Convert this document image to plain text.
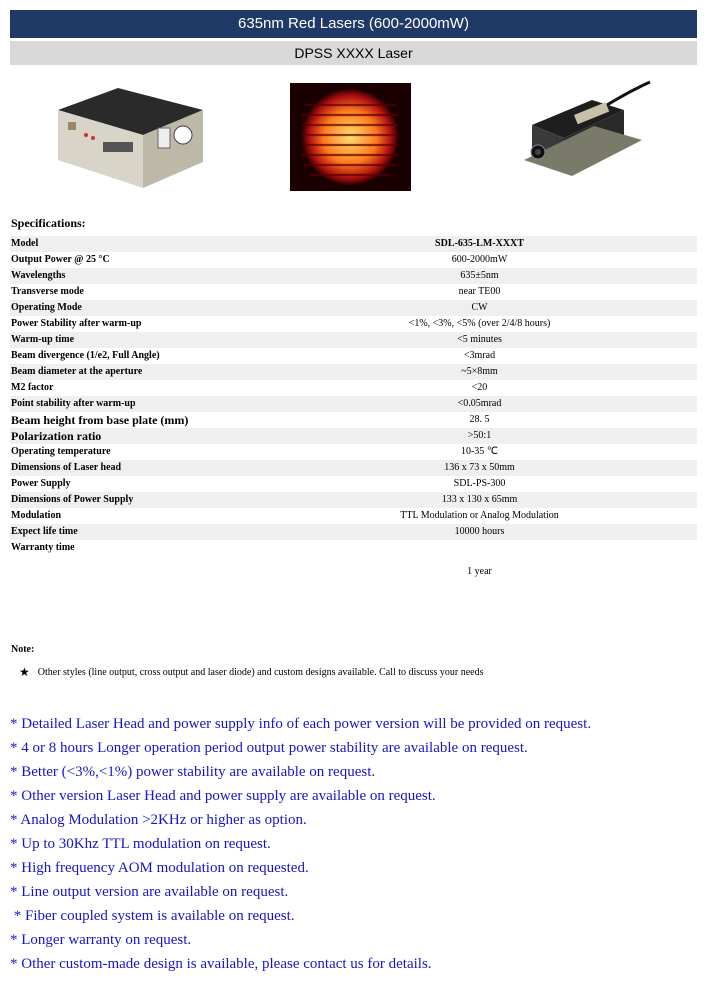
635nm Red Lasers (600-2000mW)
DPSS XXXX Laser
Specifications:
Model	SDL-635-LM-XXXT
Output Power @ 25 °C	600-2000mW
Wavelengths	635±5nm
Transverse mode	near TE00
Operating Mode	CW
Power Stability after warm-up	<1%, <3%, <5% (over 2/4/8 hours)
Warm-up time	<5 minutes
Beam divergence (1/e2, Full Angle)	<3mrad
Beam diameter at the aperture	~5×8mm
M2 factor	<20
Point stability after warm-up	<0.05mrad
Beam height from base plate (mm)	28. 5
Polarization ratio	>50:1
Operating temperature	10-35 ℃
Dimensions of Laser head	136 x 73 x 50mm
Power Supply	SDL-PS-300
Dimensions of Power Supply	133 x 130 x 65mm
Modulation	TTL Modulation or Analog Modulation
Expect life time	10000 hours
Warranty time	1 year
Note:
★ Other styles (line output, cross output and laser diode) and custom designs available. Call to discuss your needs
* Detailed Laser Head and power supply info of each power version will be provided on request.
* 4 or 8 hours Longer operation period output power stability are available on request.
* Better (<3%,<1%) power stability are available on request.
* Other version Laser Head and power supply are available on request.
* Analog Modulation >2KHz or higher as option.
* Up to 30Khz TTL modulation on request.
* High frequency AOM modulation on requested.
* Line output version are available on request.
* Fiber coupled system is available on request.
* Longer warranty on request.
* Other custom-made design is available, please contact us for details.
